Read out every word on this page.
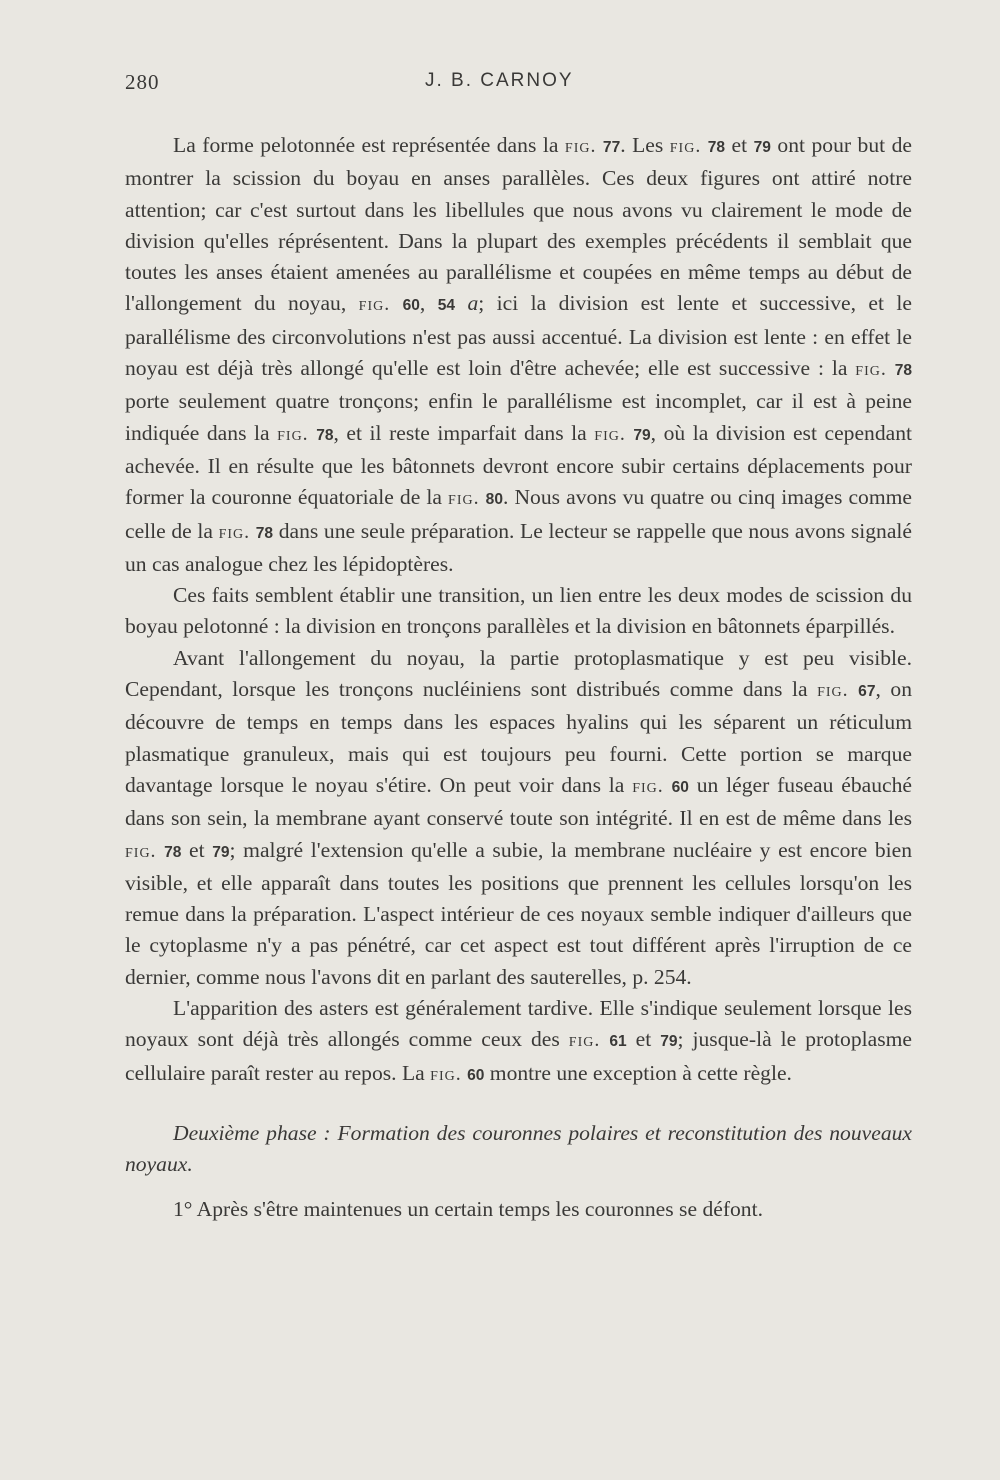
280	J. B. CARNOY

La forme pelotonnée est représentée dans la fig. 77. Les fig. 78 et 79 ont pour but de montrer la scission du boyau en anses parallèles. Ces deux figures ont attiré notre attention; car c'est surtout dans les libellules que nous avons vu clairement le mode de division qu'elles réprésentent. Dans la plupart des exemples précédents il semblait que toutes les anses étaient amenées au parallélisme et coupées en même temps au début de l'allongement du noyau, fig. 60, 54 a; ici la division est lente et successive, et le parallélisme des circonvolutions n'est pas aussi accentué. La division est lente : en effet le noyau est déjà très allongé qu'elle est loin d'être achevée; elle est successive : la fig. 78 porte seulement quatre tronçons; enfin le parallélisme est incomplet, car il est à peine indiquée dans la fig. 78, et il reste imparfait dans la fig. 79, où la division est cependant achevée. Il en résulte que les bâtonnets devront encore subir certains déplacements pour former la couronne équatoriale de la fig. 80. Nous avons vu quatre ou cinq images comme celle de la fig. 78 dans une seule préparation. Le lecteur se rappelle que nous avons signalé un cas analogue chez les lépidoptères.

Ces faits semblent établir une transition, un lien entre les deux modes de scission du boyau pelotonné : la division en tronçons parallèles et la division en bâtonnets éparpillés.

Avant l'allongement du noyau, la partie protoplasmatique y est peu visible. Cependant, lorsque les tronçons nucléiniens sont distribués comme dans la fig. 67, on découvre de temps en temps dans les espaces hyalins qui les séparent un réticulum plasmatique granuleux, mais qui est toujours peu fourni. Cette portion se marque davantage lorsque le noyau s'étire. On peut voir dans la fig. 60 un léger fuseau ébauché dans son sein, la membrane ayant conservé toute son intégrité. Il en est de même dans les fig. 78 et 79; malgré l'extension qu'elle a subie, la membrane nucléaire y est encore bien visible, et elle apparaît dans toutes les positions que prennent les cellules lorsqu'on les remue dans la préparation. L'aspect intérieur de ces noyaux semble indiquer d'ailleurs que le cytoplasme n'y a pas pénétré, car cet aspect est tout différent après l'irruption de ce dernier, comme nous l'avons dit en parlant des sauterelles, p. 254.

L'apparition des asters est généralement tardive. Elle s'indique seulement lorsque les noyaux sont déjà très allongés comme ceux des fig. 61 et 79; jusque-là le protoplasme cellulaire paraît rester au repos. La fig. 60 montre une exception à cette règle.

Deuxième phase : Formation des couronnes polaires et reconstitution des nouveaux noyaux.

1° Après s'être maintenues un certain temps les couronnes se défont.
